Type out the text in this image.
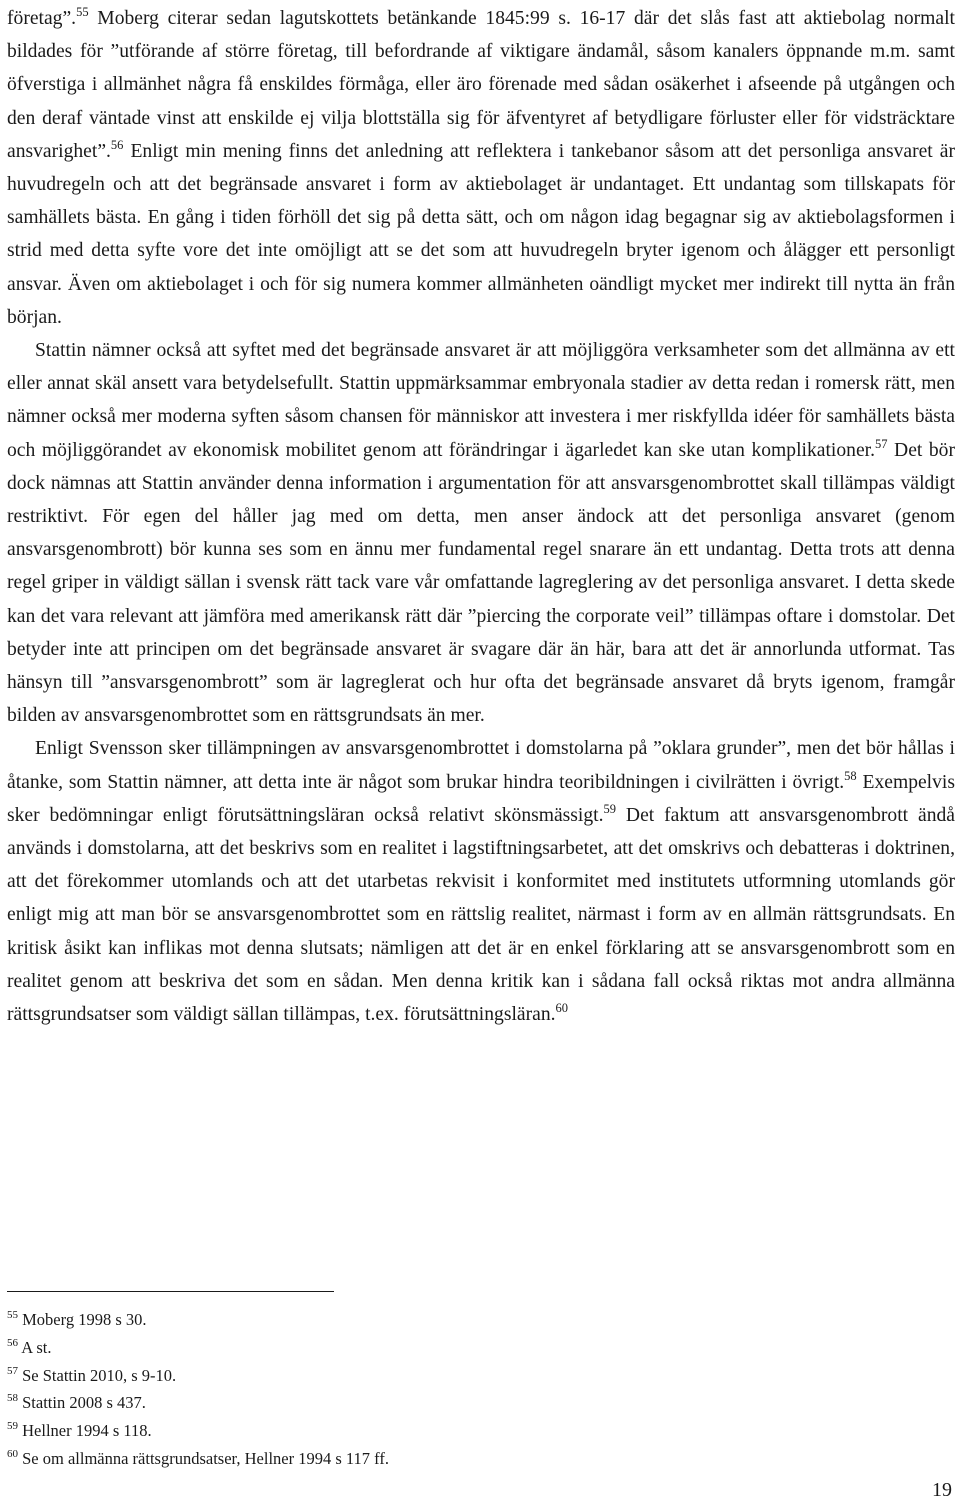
företag”.$^{55}$ Moberg citerar sedan lagutskottets betänkande 1845:99 s. 16-17 där det slås fast att aktiebolag normalt bildades för ”utförande af större företag, till befordrande af viktigare ändamål, såsom kanalers öppnande m.m. samt öfverstiga i allmänhet några få enskildes förmåga, eller äro förenade med sådan osäkerhet i afseende på utgången och den deraf väntade vinst att enskilde ej vilja blottställa sig för äfventyret af betydligare förluster eller för vidsträcktare ansvarighet”.$^{56}$ Enligt min mening finns det anledning att reflektera i tankebanor såsom att det personliga ansvaret är huvudregeln och att det begränsade ansvaret i form av aktiebolaget är undantaget. Ett undantag som tillskapats för samhällets bästa. En gång i tiden förhöll det sig på detta sätt, och om någon idag begagnar sig av aktiebolagsformen i strid med detta syfte vore det inte omöjligt att se det som att huvudregeln bryter igenom och ålägger ett personligt ansvar. Även om aktiebolaget i och för sig numera kommer allmänheten oändligt mycket mer indirekt till nytta än från början.

Stattin nämner också att syftet med det begränsade ansvaret är att möjliggöra verksamheter som det allmänna av ett eller annat skäl ansett vara betydelsefullt. Stattin uppmärksammar embryonala stadier av detta redan i romersk rätt, men nämner också mer moderna syften såsom chansen för människor att investera i mer riskfyllda idéer för samhällets bästa och möjliggörandet av ekonomisk mobilitet genom att förändringar i ägarledet kan ske utan komplikationer.$^{57}$ Det bör dock nämnas att Stattin använder denna information i argumentation för att ansvarsgenombrottet skall tillämpas väldigt restriktivt. För egen del håller jag med om detta, men anser ändock att det personliga ansvaret (genom ansvarsgenombrott) bör kunna ses som en ännu mer fundamental regel snarare än ett undantag. Detta trots att denna regel griper in väldigt sällan i svensk rätt tack vare vår omfattande lagreglering av det personliga ansvaret. I detta skede kan det vara relevant att jämföra med amerikansk rätt där ”piercing the corporate veil” tillämpas oftare i domstolar. Det betyder inte att principen om det begränsade ansvaret är svagare där än här, bara att det är annorlunda utformat. Tas hänsyn till ”ansvarsgenombrott” som är lagreglerat och hur ofta det begränsade ansvaret då bryts igenom, framgår bilden av ansvarsgenombrottet som en rättsgrundsats än mer.

Enligt Svensson sker tillämpningen av ansvarsgenombrottet i domstolarna på ”oklara grunder”, men det bör hållas i åtanke, som Stattin nämner, att detta inte är något som brukar hindra teoribildningen i civilrätten i övrigt.$^{58}$ Exempelvis sker bedömningar enligt förutsättningsläran också relativt skönsmässigt.$^{59}$ Det faktum att ansvarsgenombrott ändå används i domstolarna, att det beskrivs som en realitet i lagstiftningsarbetet, att det omskrivs och debatteras i doktrinen, att det förekommer utomlands och att det utarbetas rekvisit i konformitet med institutets utformning utomlands gör enligt mig att man bör se ansvarsgenombrottet som en rättslig realitet, närmast i form av en allmän rättsgrundsats. En kritisk åsikt kan inflikas mot denna slutsats; nämligen att det är en enkel förklaring att se ansvarsgenombrott som en realitet genom att beskriva det som en sådan. Men denna kritik kan i sådana fall också riktas mot andra allmänna rättsgrundsatser som väldigt sällan tillämpas, t.ex. förutsättningsläran.$^{60}$

$^{55}$ Moberg 1998 s 30.
$^{56}$ A st.
$^{57}$ Se Stattin 2010, s 9-10.
$^{58}$ Stattin 2008 s 437.
$^{59}$ Hellner 1994 s 118.
$^{60}$ Se om allmänna rättsgrundsatser, Hellner 1994 s 117 ff.
19
